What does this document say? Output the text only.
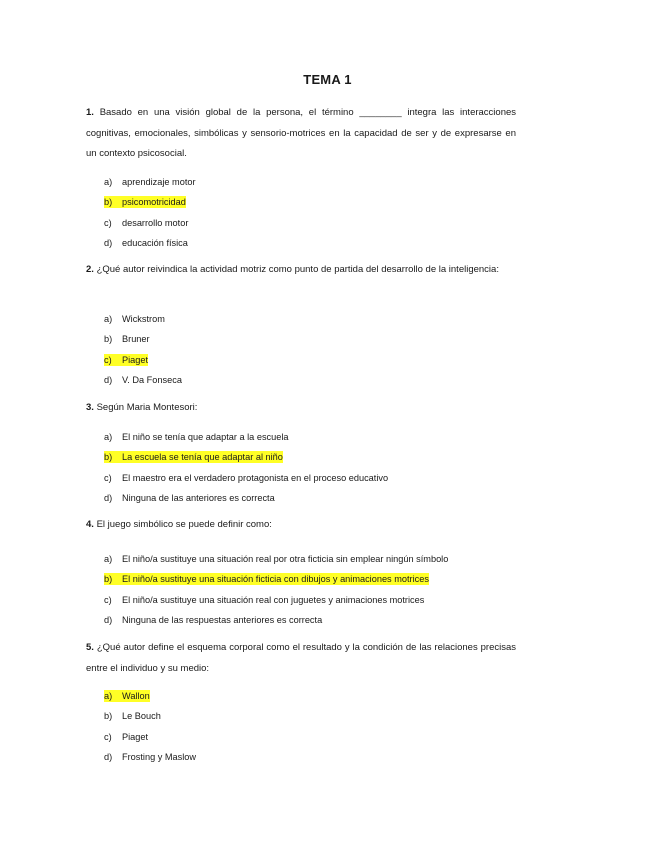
TEMA 1
1. Basado en una visión global de la persona, el término ________ integra las interacciones cognitivas, emocionales, simbólicas y sensorio-motrices en la capacidad de ser y de expresarse en un contexto psicosocial.
a) aprendizaje motor
b) psicomotricidad
c) desarrollo motor
d) educación física
2. ¿Qué autor reivindica la actividad motriz como punto de partida del desarrollo de la inteligencia:
a) Wickstrom
b) Bruner
c) Piaget
d) V. Da Fonseca
3. Según Maria Montesori:
a) El niño se tenía que adaptar a la escuela
b) La escuela se tenía que adaptar al niño
c) El maestro era el verdadero protagonista en el proceso educativo
d) Ninguna de las anteriores es correcta
4. El juego simbólico se puede definir como:
a) El niño/a sustituye una situación real por otra ficticia sin emplear ningún símbolo
b) El niño/a sustituye una situación ficticia con dibujos y animaciones motrices
c) El niño/a sustituye una situación real con juguetes y animaciones motrices
d) Ninguna de las respuestas anteriores es correcta
5. ¿Qué autor define el esquema corporal como el resultado y la condición de las relaciones precisas entre el individuo y su medio:
a) Wallon
b) Le Bouch
c) Piaget
d) Frosting y Maslow
